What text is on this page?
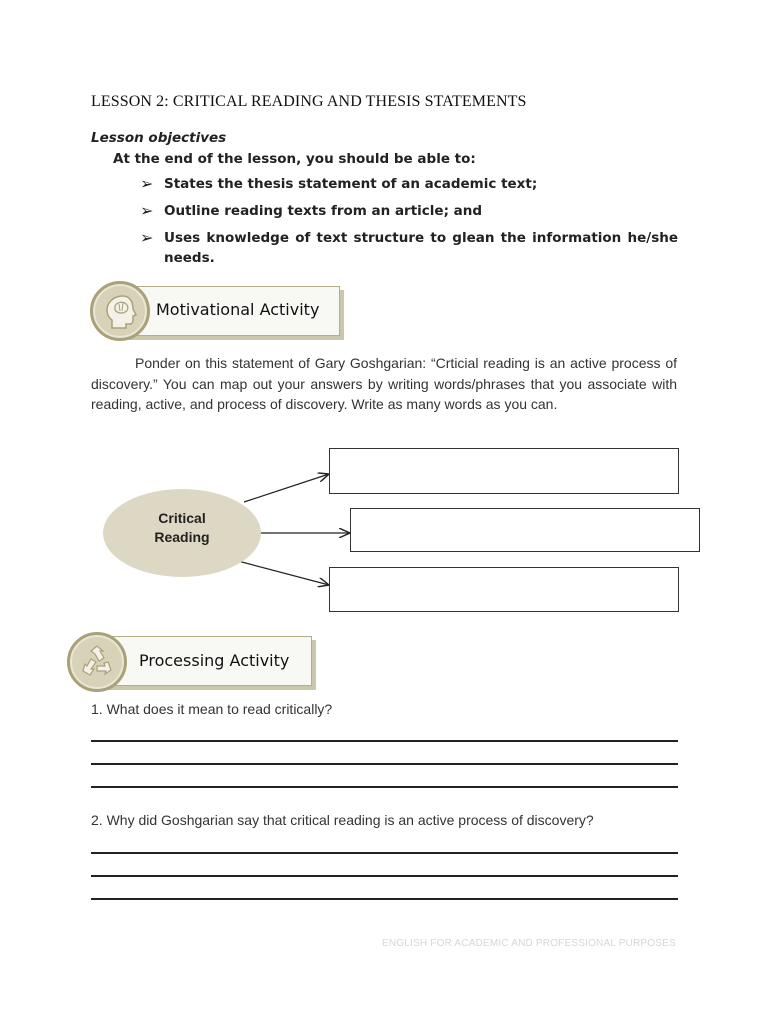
LESSON 2: CRITICAL READING AND THESIS STATEMENTS
Lesson objectives
At the end of the lesson, you should be able to:
➢ States the thesis statement of an academic text;
➢ Outline reading texts from an article; and
➢ Uses knowledge of text structure to glean the information he/she needs.
Motivational Activity
Ponder on this statement of Gary Goshgarian: “Crticial reading is an active process of discovery.” You can map out your answers by writing words/phrases that you associate with reading, active, and process of discovery. Write as many words as you can.
Critical
Reading
Processing Activity
1. What does it mean to read critically?
2. Why did Goshgarian say that critical reading is an active process of discovery?
ENGLISH FOR ACADEMIC AND PROFESSIONAL PURPOSES
